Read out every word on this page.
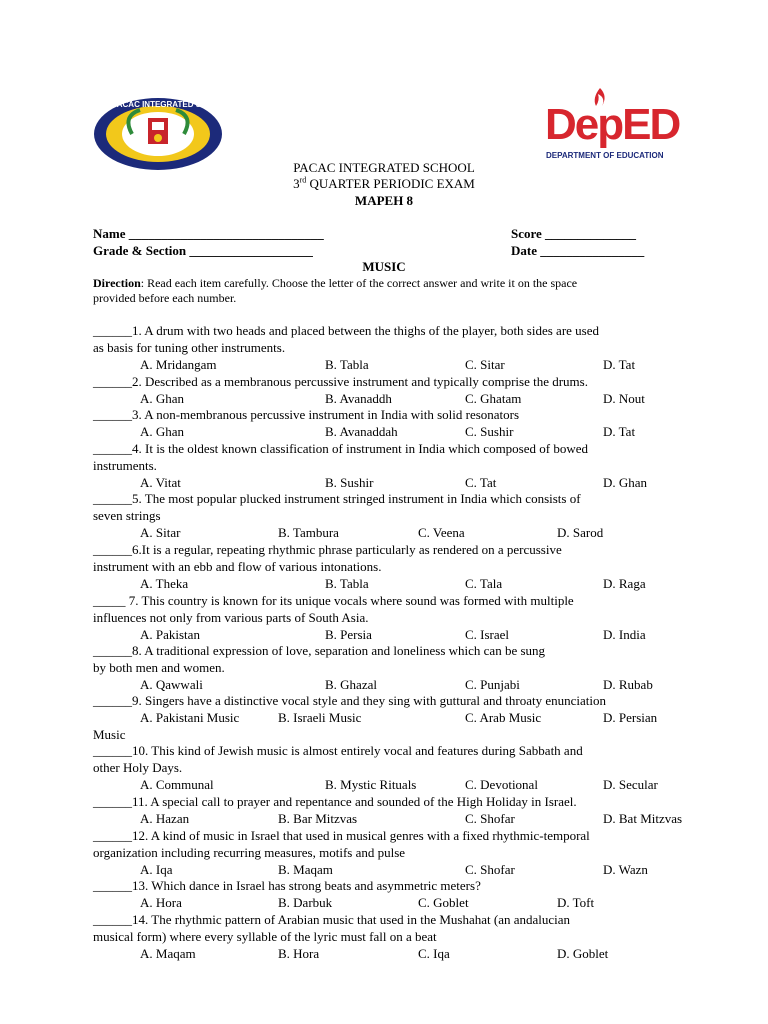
PACAC INTEGRATED SCHOOL	DepED
DEPARTMENT OF EDUCATION
PACAC INTEGRATED SCHOOL
3rd QUARTER PERIODIC EXAM
MAPEH 8
Name ______________________________	Score ______________
Grade & Section ___________________	Date ________________
MUSIC
Direction: Read each item carefully. Choose the letter of the correct answer and write it on the space
provided before each number.
______1. A drum with two heads and placed between the thighs of the player, both sides are used
as basis for tuning other instruments.
A. Mridangam	B. Tabla	C. Sitar	D. Tat
______2. Described as a membranous percussive instrument and typically comprise the drums.
A. Ghan	B. Avanaddh	C. Ghatam	D. Nout
______3. A non-membranous percussive instrument in India with solid resonators
A. Ghan	B. Avanaddah	C. Sushir	D. Tat
______4. It is the oldest known classification of instrument in India which composed of bowed
instruments.
A. Vitat	B. Sushir	C. Tat	D. Ghan
______5. The most popular plucked instrument stringed instrument in India which consists of
seven strings
A. Sitar	B. Tambura	C. Veena	D. Sarod
______6.It is a regular, repeating rhythmic phrase particularly as rendered on a percussive
instrument with an ebb and flow of various intonations.
A. Theka	B. Tabla	C. Tala	D. Raga
_____ 7. This country is known for its unique vocals where sound was formed with multiple
influences not only from various parts of South Asia.
A. Pakistan	B. Persia	C. Israel	D. India
______8. A traditional expression of love, separation and loneliness which can be sung
by both men and women.
A. Qawwali	B. Ghazal	C. Punjabi	D. Rubab
______9. Singers have a distinctive vocal style and they sing with guttural and throaty enunciation
A. Pakistani Music	B. Israeli Music	C. Arab Music	D. Persian
Music
______10. This kind of Jewish music is almost entirely vocal and features during Sabbath and
other Holy Days.
A. Communal	B. Mystic Rituals	C. Devotional	D. Secular
______11. A special call to prayer and repentance and sounded of the High Holiday in Israel.
A. Hazan	B. Bar Mitzvas	C. Shofar	D. Bat Mitzvas
______12. A kind of music in Israel that used in musical genres with a fixed rhythmic-temporal
organization including recurring measures, motifs and pulse
A. Iqa	B. Maqam	C. Shofar	D. Wazn
______13. Which dance in Israel has strong beats and asymmetric meters?
A. Hora	B. Darbuk	C. Goblet	D. Toft
______14. The rhythmic pattern of Arabian music that used in the Mushahat (an andalucian
musical form) where every syllable of the lyric must fall on a beat
A. Maqam	B. Hora	C. Iqa	D. Goblet
